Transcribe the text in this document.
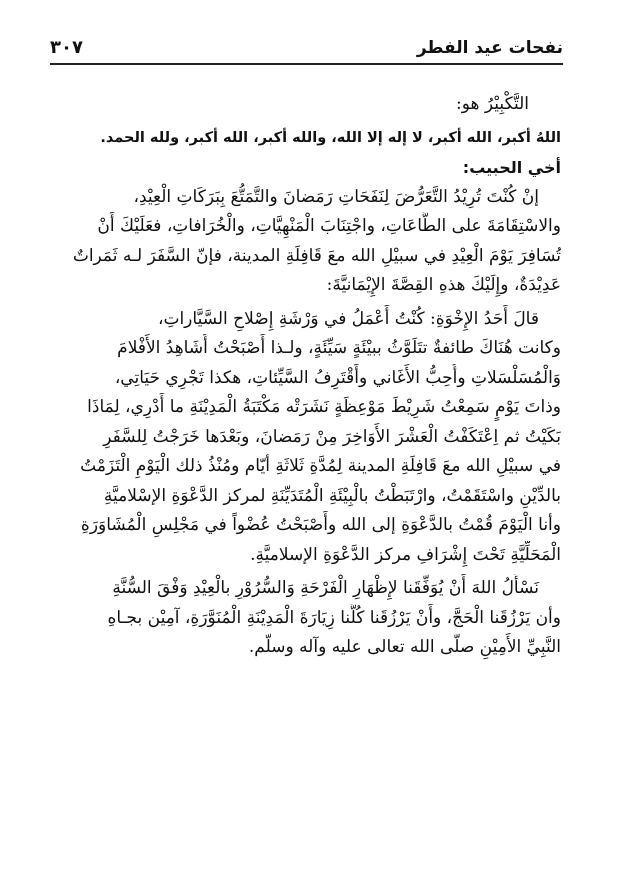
نفحات عيد الفطر
٣٠٧
التَّكْبِيْرُ هو:
اللهُ أكبر، الله أكبر، لا إله إلا الله، والله أكبر، الله أكبر، ولله الحمد.
أخي الحبيب:
إنْ كُنْتَ تُرِيْدُ التَّعَرُّضَ لِنَفَحَاتِ رَمَضانَ والتَّمَتُّعَ بِبَرَكَاتِ الْعِيْدِ،
والاسْتِقَامَةَ على الطَّاعَاتِ، واجْتِنَابَ الْمَنْهِيَّاتِ، والْخُرَافاتِ، فعَلَيْكَ أَنْ
تُسَافِرَ يَوْمَ الْعِيْدِ في سبيْلِ الله معَ قَافِلَةِ المدينة، فإنّ السَّفَرَ لـه ثَمَراتٌ
عَدِيْدَةٌ، وإِلَيْكَ هذهِ القِصَّةَ الإِيْمَانيَّةَ:
قالَ أَحَدُ الإِخْوَةِ: كُنْتُ أَعْمَلُ في وَرْشَةِ إِصْلاحِ السَّيَّاراتِ،
وكانت هُنَاكَ طائفةٌ تتَلَوَّثُ ببيْئَةٍ سَيِّئَةٍ، ولـذا أَصْبَحْتُ أُشَاهِدُ الأَفْلامَ
وَالْمُسَلْسَلاتِ وأُحِبُّ الأَغَاني وأَقْتَرِفُ السَّيِّئاتِ، هكذا تَجْرِي حَيَاتِي،
وذاتَ يَوْمٍ سَمِعْتُ شَرِيْطَ مَوْعِظَةٍ نَشَرَتْه مَكْتَبَةُ الْمَدِيْنَةِ ما أَدْرِي، لِمَاذَا
بَكَيْتُ ثم اِعْتَكَفْتُ الْعَشْرَ الأَوَاخِرَ مِنْ رَمَضانَ، وبَعْدَها خَرَجْتُ لِلسَّفَرِ
في سبيْلِ الله معَ قَافِلَةِ المدينة لِمُدَّةِ ثَلاثَةِ أيّام ومُنْذُ ذلك الْيَوْمِ الْتَزَمْتُ
بالدِّيْنِ واسْتَقَمْتُ، وارْتَبَطْتُ بالْبِيْئَةِ الْمُتَدَيِّنَةِ لمركز الدَّعْوَةِ الإسْلاميَّةِ
وأنا الْيَوْمَ قُمْتُ بالدَّعْوَةِ إلى الله وأَصْبَحْتُ عُضْواً في مَجْلِسِ الْمُشَاوَرَةِ
الْمَحَلِّيَّةِ تَحْتَ إِشْرَافِ مركز الدَّعْوَةِ الإسلاميَّةِ.
نَسْأَلُ اللهَ أَنْ يُوَفِّقَنا لإِظْهَارِ الْفَرْحَةِ وَالسُّرُوْرِ بالْعِيْدِ وَفْقَ السُّنَّةِ
وأن يَرْزُقَنا الْحَجَّ، وأَنْ يَرْزُقَنا كُلَّنا زِيَارَةَ الْمَدِيْنَةِ الْمُنَوَّرَةِ، آمِيْن بجـاهِ
النَّبِيِّ الأَمِيْنِ صلّى الله تعالى عليه وآله وسلّم.
